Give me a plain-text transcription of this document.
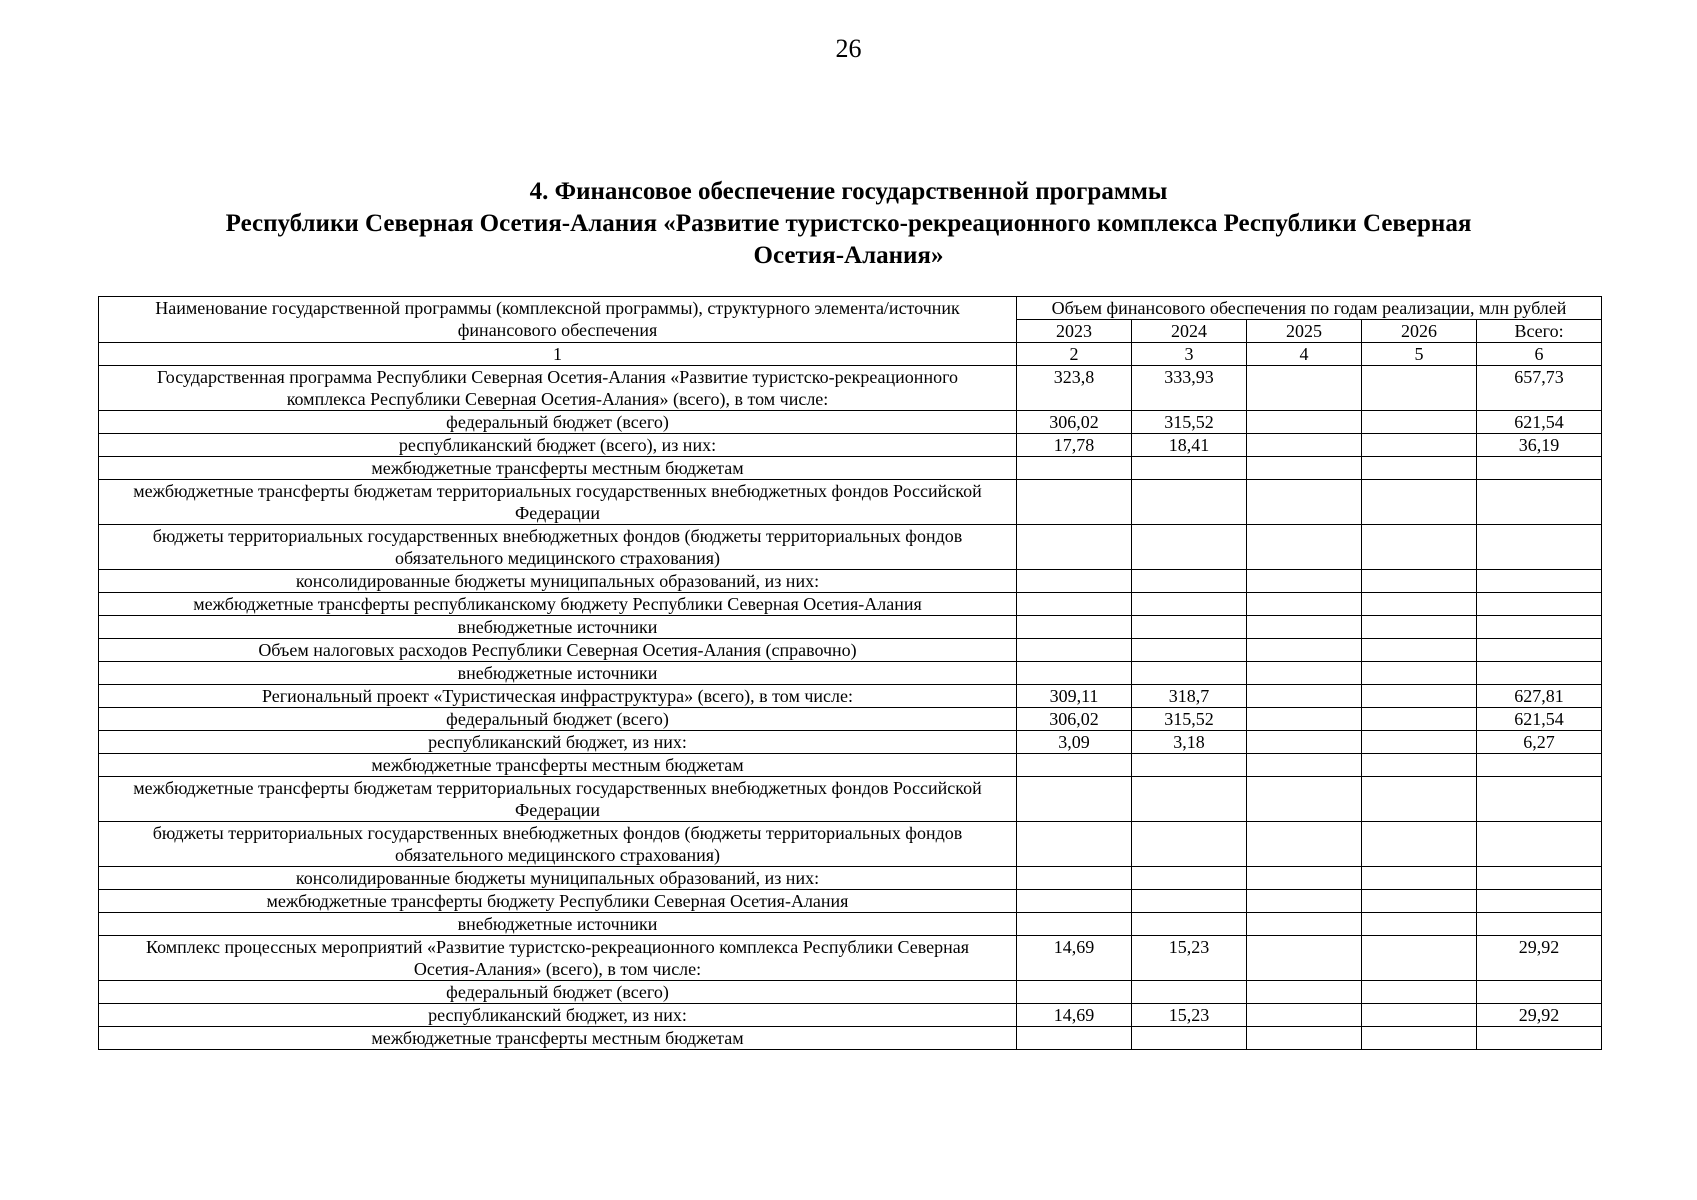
26
4. Финансовое обеспечение государственной программы
Республики Северная Осетия-Алания «Развитие туристско-рекреационного комплекса Республики Северная
Осетия-Алания»
Наименование государственной программы (комплексной программы), структурного элемента/источник финансового обеспечения	Объем финансового обеспечения по годам реализации, млн рублей				
	2023	2024	2025	2026	Всего:
1	2	3	4	5	6
Государственная программа Республики Северная Осетия-Алания «Развитие туристско-рекреационного комплекса Республики Северная Осетия-Алания» (всего), в том числе:	323,8	333,93			657,73
федеральный бюджет (всего)	306,02	315,52			621,54
республиканский бюджет (всего), из них:	17,78	18,41			36,19
межбюджетные трансферты местным бюджетам					
межбюджетные трансферты бюджетам территориальных государственных внебюджетных фондов Российской Федерации					
бюджеты территориальных государственных внебюджетных фондов (бюджеты территориальных фондов обязательного медицинского страхования)					
консолидированные бюджеты муниципальных образований, из них:					
межбюджетные трансферты республиканскому бюджету Республики Северная Осетия-Алания					
внебюджетные источники					
Объем налоговых расходов Республики Северная Осетия-Алания (справочно)					
внебюджетные источники					
Региональный проект «Туристическая инфраструктура» (всего), в том числе:	309,11	318,7			627,81
федеральный бюджет (всего)	306,02	315,52			621,54
республиканский бюджет, из них:	3,09	3,18			6,27
межбюджетные трансферты местным бюджетам					
межбюджетные трансферты бюджетам территориальных государственных внебюджетных фондов Российской Федерации					
бюджеты территориальных государственных внебюджетных фондов (бюджеты территориальных фондов обязательного медицинского страхования)					
консолидированные бюджеты муниципальных образований, из них:					
межбюджетные трансферты бюджету Республики Северная Осетия-Алания					
внебюджетные источники					
Комплекс процессных мероприятий «Развитие туристско-рекреационного комплекса Республики Северная Осетия-Алания» (всего), в том числе:	14,69	15,23			29,92
федеральный бюджет (всего)					
республиканский бюджет, из них:	14,69	15,23			29,92
межбюджетные трансферты местным бюджетам					
